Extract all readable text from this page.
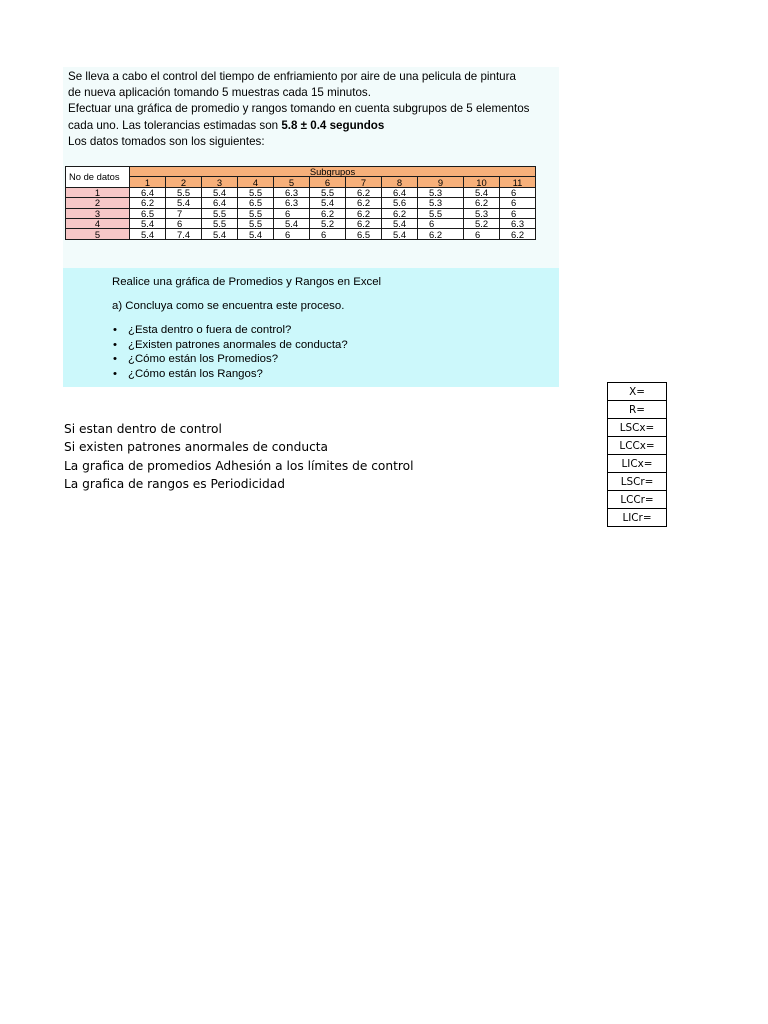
Se lleva a cabo el control del tiempo de enfriamiento por aire de una pelicula de pintura

de nueva aplicación tomando 5 muestras cada 15 minutos.

Efectuar una gráfica de promedio y rangos tomando en cuenta subgrupos de 5 elementos

cada uno. Las tolerancias estimadas son 5.8 ± 0.4 segundos

Los datos tomados son los siguientes:

No de datos	Subgrupos										
	1	2	3	4	5	6	7	8	9	10	11
1	6.4	5.5	5.4	5.5	6.3	5.5	6.2	6.4	5.3	5.4	6
2	6.2	5.4	6.4	6.5	6.3	5.4	6.2	5.6	5.3	6.2	6
3	6.5	7	5.5	5.5	6	6.2	6.2	6.2	5.5	5.3	6
4	5.4	6	5.5	5.5	5.4	5.2	6.2	5.4	6	5.2	6.3
5	5.4	7.4	5.4	5.4	6	6	6.5	5.4	6.2	6	6.2
Realice una gráfica de Promedios y Rangos en Excel
a) Concluya como se encuentra este proceso.
• ¿Esta dentro o fuera de control?
• ¿Existen patrones anormales de conducta?
• ¿Cómo están los Promedios?
• ¿Cómo están los Rangos?
Si estan dentro de control
Si existen patrones anormales de conducta
La grafica de promedios Adhesión a los límites de control
La grafica de rangos es Periodicidad
X=
R=
LSCx=
LCCx=
LICx=
LSCr=
LCCr=
LICr=
